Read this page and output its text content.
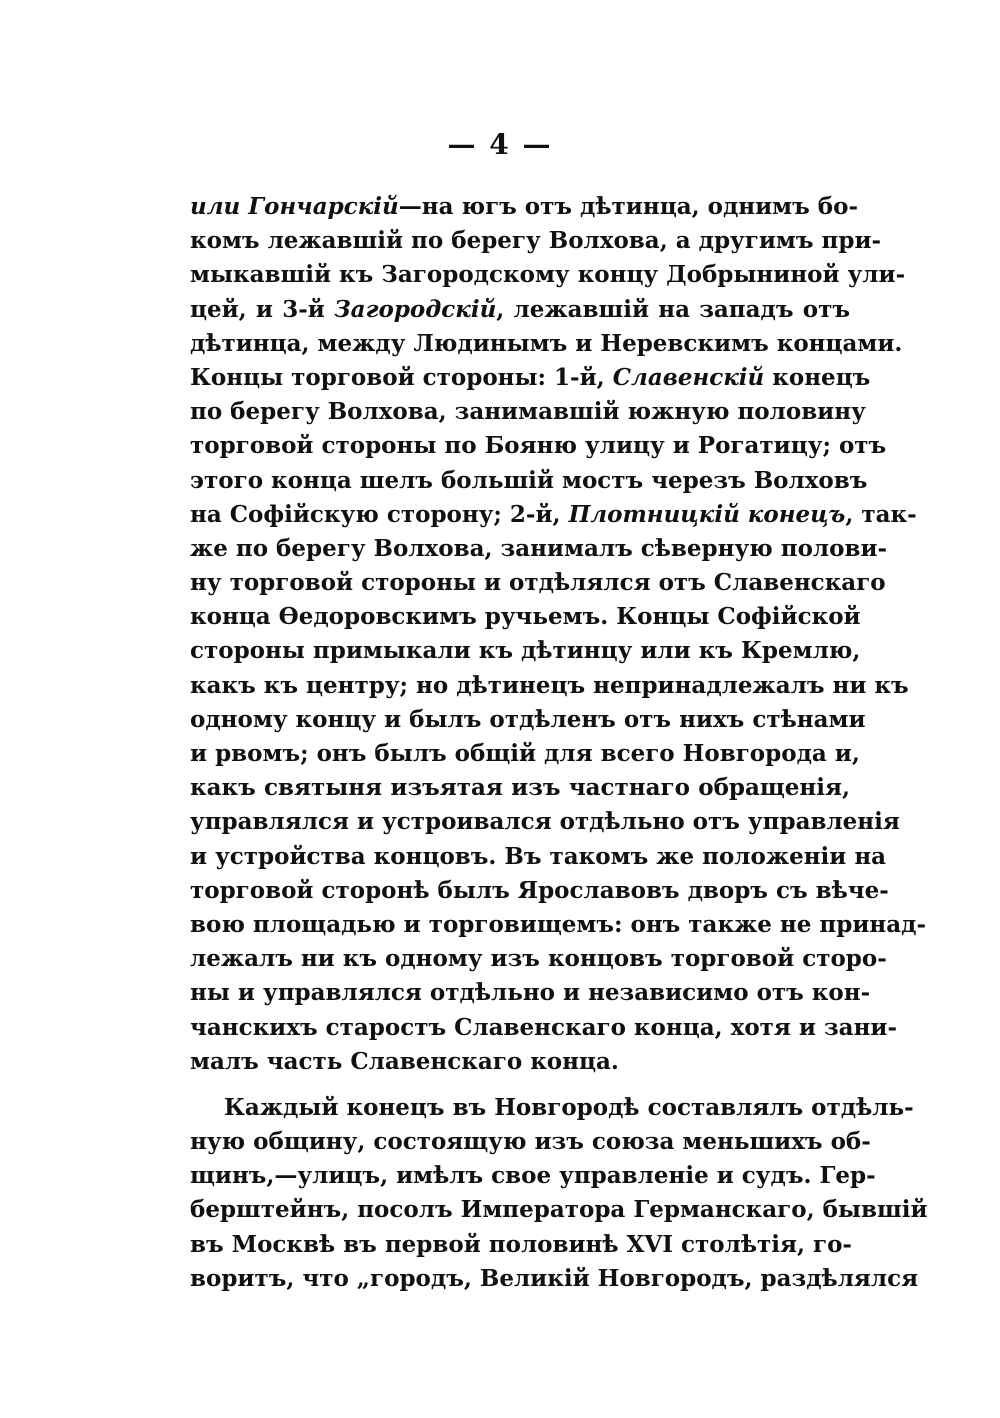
— 4 —
или Гончарскій—на югъ отъ дѣтинца, однимъ бо-
комъ лежавшій по берегу Волхова, а другимъ при-
мыкавшій къ Загородскому концу Добрыниной ули-
цей, и 3-й Загородскій, лежавшій на западъ отъ
дѣтинца, между Людинымъ и Неревскимъ концами.
Концы торговой стороны: 1-й, Славенскій конецъ
по берегу Волхова, занимавшій южную половину
торговой стороны по Бояню улицу и Рогатицу; отъ
этого конца шелъ большій мостъ черезъ Волховъ
на Софійскую сторону; 2-й, Плотницкій конецъ, так-
же по берегу Волхова, занималъ сѣверную полови-
ну торговой стороны и отдѣлялся отъ Славенскаго
конца Ѳедоровскимъ ручьемъ. Концы Софійской
стороны примыкали къ дѣтинцу или къ Кремлю,
какъ къ центру; но дѣтинецъ непринадлежалъ ни къ
одному концу и былъ отдѣленъ отъ нихъ стѣнами
и рвомъ; онъ былъ общій для всего Новгорода и,
какъ святыня изъятая изъ частнаго обращенія,
управлялся и устроивался отдѣльно отъ управленія
и устройства концовъ. Въ такомъ же положеніи на
торговой сторонѣ былъ Ярославовъ дворъ съ вѣче-
вою площадью и торговищемъ: онъ также не принад-
лежалъ ни къ одному изъ концовъ торговой сторо-
ны и управлялся отдѣльно и независимо отъ кон-
чанскихъ старостъ Славенскаго конца, хотя и зани-
малъ часть Славенскаго конца.
Каждый конецъ въ Новгородѣ составлялъ отдѣль-
ную общину, состоящую изъ союза меньшихъ об-
щинъ,—улицъ, имѣлъ свое управленіе и судъ. Гер-
берштейнъ, посолъ Императора Германскаго, бывшій
въ Москвѣ въ первой половинѣ XVI столѣтія, го-
воритъ, что „городъ, Великій Новгородъ, раздѣлялся
